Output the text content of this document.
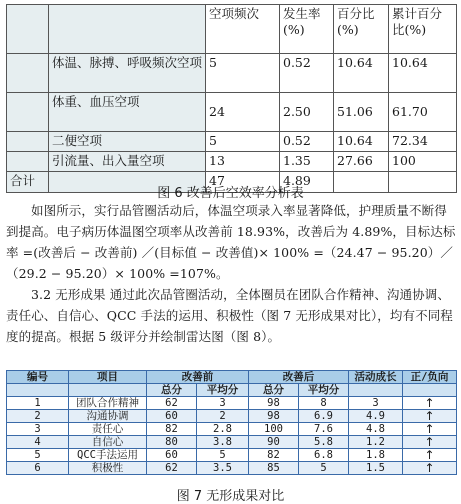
		空项频次	发生率(%)	百分比(%)	累计百分比(%)
	体温、脉搏、呼吸频次空项	5	0.52	10.64	10.64
	体重、血压空项	24	2.50	51.06	61.70
	二便空项	5	0.52	10.64	72.34
	引流量、出入量空项	13	1.35	27.66	100
合计		47	4.89		
图 6 改善后空效率分析表

如图所示，实行品管圈活动后，体温空项录入率显著降低，护理质量不断得到提高。电子病历体温图空项率从改善前 18.93%，改善后为 4.89%，目标达标率 =(改善后 − 改善前) ／(目标值 − 改善值)× 100% =（24.47 − 95.20）／（29.2 − 95.20）× 100% =107%。

3.2 无形成果 通过此次品管圈活动，全体圈员在团队合作精神、沟通协调、责任心、自信心、QCC 手法的运用、积极性（图 7 无形成果对比），均有不同程度的提高。根据 5 级评分并绘制雷达图（图 8）。

编号	项目	改善前		改善后		活动成长	正/负向
		总分	平均分	总分	平均分		
1	团队合作精神	62	3	98	8	3	↑
2	沟通协调	60	2	98	6.9	4.9	↑
3	责任心	82	2.8	100	7.6	4.8	↑
4	自信心	80	3.8	90	5.8	1.2	↑
5	QCC手法运用	60	5	82	6.8	1.8	↑
6	积极性	62	3.5	85	5	1.5	↑
图 7 无形成果对比
